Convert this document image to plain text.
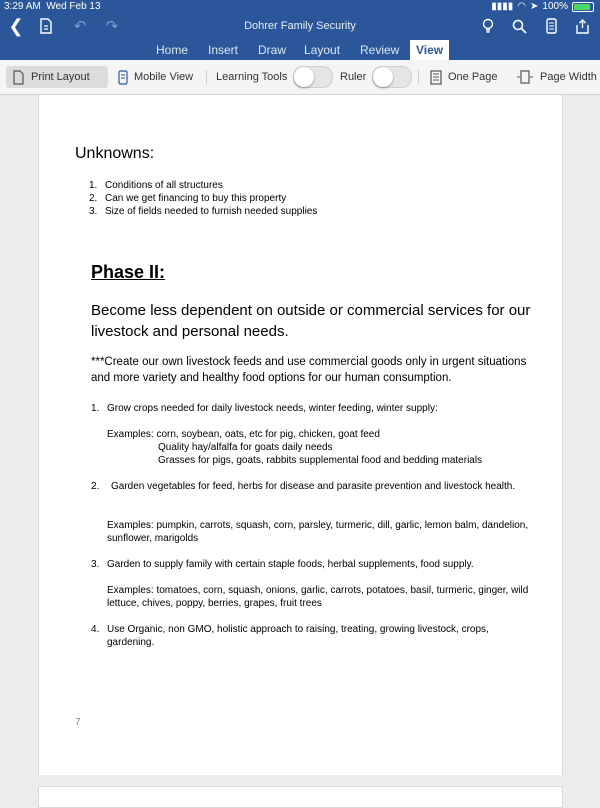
3:29 AM Wed Feb 13	▮▮▮▮ ◠ ➤ 100%
❮	↶ ↷	Dohrer Family Security
Home	Insert	Draw	Layout	Review	View
Print Layout	Mobile View Learning Tools	Ruler	One Page	Page Width
Unknowns:
1. Conditions of all structures
2. Can we get financing to buy this property
3. Size of fields needed to furnish needed supplies
Phase II:
Become less dependent on outside or commercial services for our livestock and personal needs.
***Create our own livestock feeds and use commercial goods only in urgent situations and more variety and healthy food options for our human consumption.
1. Grow crops needed for daily livestock needs, winter feeding, winter supply:
Examples: corn, soybean, oats, etc for pig, chicken, goat feed
Quality hay/alfalfa for goats daily needs
Grasses for pigs, goats, rabbits supplemental food and bedding materials
2.	Garden vegetables for feed, herbs for disease and parasite prevention and livestock health.
Examples: pumpkin, carrots, squash, corn, parsley, turmeric, dill, garlic, lemon balm, dandelion, sunflower, marigolds
3. Garden to supply family with certain staple foods, herbal supplements, food supply.
Examples: tomatoes, corn, squash, onions, garlic, carrots, potatoes, basil, turmeric, ginger, wild lettuce, chives, poppy, berries, grapes, fruit trees
4. Use Organic, non GMO, holistic approach to raising, treating, growing livestock, crops, gardening.
7
